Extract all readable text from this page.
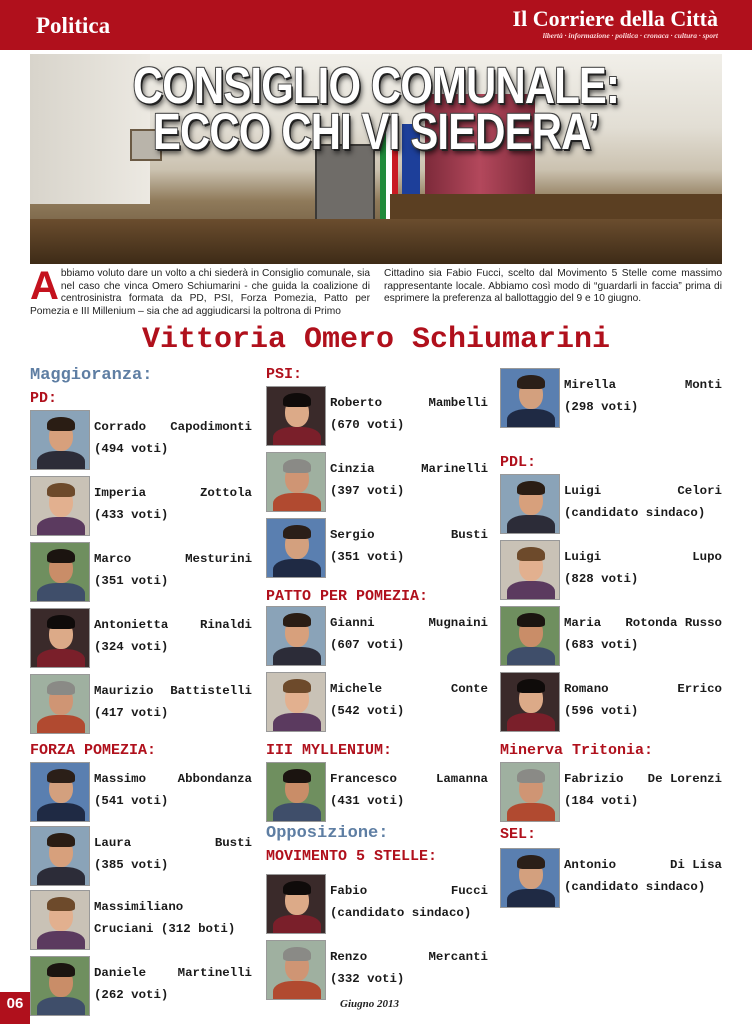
Politica	Il Corriere della Città
libertà · informazione · politica · cronaca · cultura · sport
CONSIGLIO COMUNALE:
ECCO CHI VI SIEDERA’
A bbiamo voluto dare un volto a chi siederà in Consiglio comunale, sia nel caso che vinca Omero Schiumarini - che guida la coalizione di centrosinistra formata da PD, PSI, Forza Pomezia, Patto per Pomezia e III Millenium – sia che ad aggiudicarsi la poltrona di Primo

Cittadino sia Fabio Fucci, scelto dal Movimento 5 Stelle come massimo rappresentante locale. Abbiamo così modo di “guardarli in faccia” prima di esprimere la preferenza al ballottaggio del 9 e 10 giugno.

Vittoria Omero Schiumarini
Maggioranza:
PD:
Corrado Capodimonti
(494 voti)
Imperia	Zottola
(433 voti)
Marco	Mesturini
(351 voti)
Antonietta	Rinaldi
(324 voti)
Maurizio Battistelli
(417 voti)
FORZA POMEZIA:
Massimo	Abbondanza
(541 voti)
Laura	Busti
(385 voti)
Massimiliano
Cruciani (312 boti)
Daniele	Martinelli
(262 voti)
PSI:
Roberto	Mambelli
(670 voti)
Cinzia	Marinelli
(397 voti)
Sergio	Busti
(351 voti)
PATTO PER POMEZIA:
Gianni	Mugnaini
(607 voti)
Michele	Conte
(542 voti)
III MYLLENIUM:
Francesco	Lamanna
(431 voti)
Opposizione:
MOVIMENTO 5 STELLE:
Fabio	Fucci
(candidato sindaco)
Renzo	Mercanti
(332 voti)
Mirella	Monti
(298 voti)
PDL:
Luigi	Celori
(candidato sindaco)
Luigi	Lupo
(828 voti)
Maria Rotonda Russo
(683 voti)
Romano	Errico
(596 voti)
Minerva Tritonia:
Fabrizio De Lorenzi
(184 voti)
SEL:
Antonio	Di Lisa
(candidato sindaco)
06	Giugno 2013
